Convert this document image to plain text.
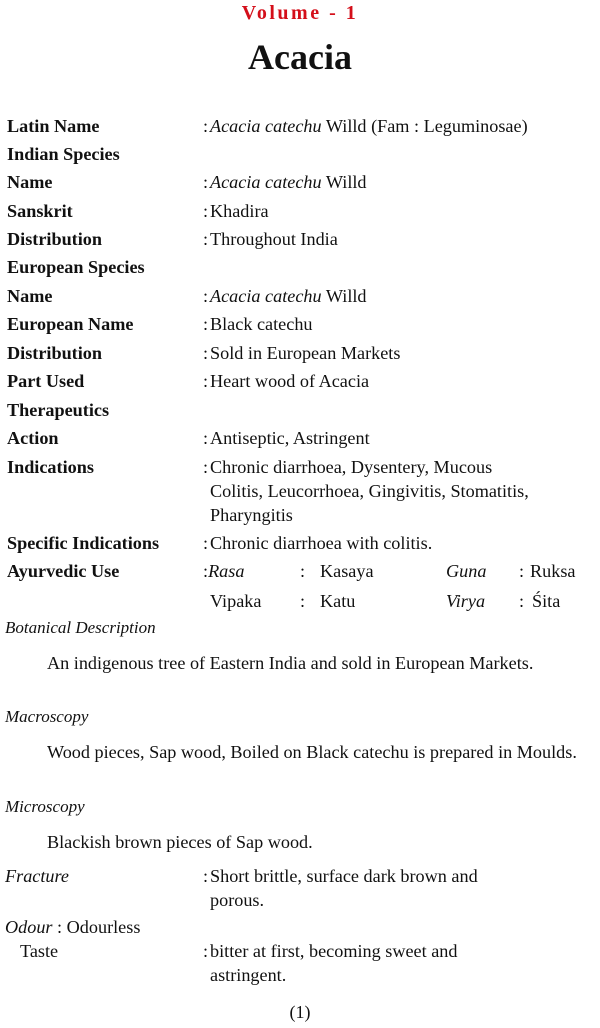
Volume - 1
Acacia
Latin Name	: Acacia catechu Willd (Fam : Leguminosae)
Indian Species
Name	: Acacia catechu Willd
Sanskrit	: Khadira
Distribution	: Throughout India
European Species
Name	: Acacia catechu Willd
European Name	: Black catechu
Distribution	: Sold in European Markets
Part Used	: Heart wood of Acacia
Therapeutics
Action	: Antiseptic, Astringent
Indications	: Chronic diarrhoea, Dysentery, Mucous
Colitis, Leucorrhoea, Gingivitis, Stomatitis,
Pharyngitis
Specific Indications : Chronic diarrhoea with colitis.
Ayurvedic Use	:Rasa	: Kasaya	Guna : Ruksa
Vipaka : Katu	Virya : Śita
Botanical Description
An indigenous tree of Eastern India and sold in European Markets.
Macroscopy
Wood pieces, Sap wood, Boiled on Black catechu is prepared in Moulds.
Microscopy
Blackish brown pieces of Sap wood.
Fracture	: Short brittle, surface dark brown and
porous.
Odour : Odourless
Taste	: bitter at first, becoming sweet and
astringent.
(1)
